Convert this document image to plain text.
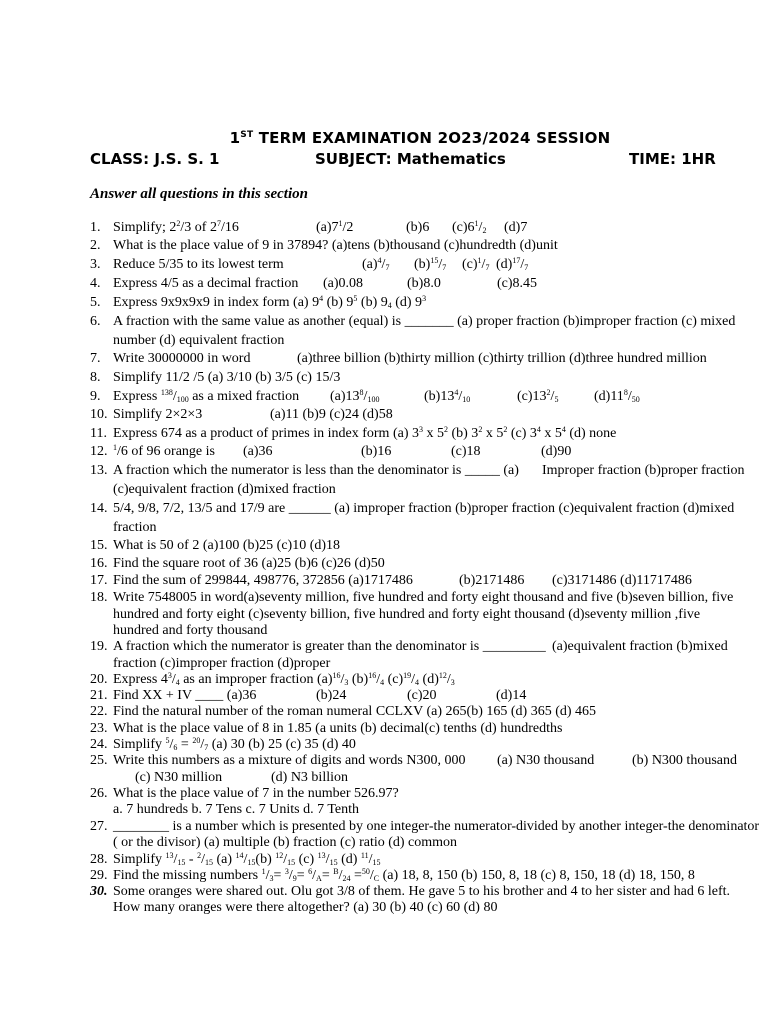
1ST TERM EXAMINATION 2O23/2024 SESSION
CLASS: J.S. S. 1	SUBJECT: Mathematics	TIME: 1HR
Answer all questions in this section
1. Simplify; $2^2/3$ of $2^7/16$	$(a)7^1/2$	(b)6 $(c)6^1/_2$ (d)7
2. What is the place value of 9 in 37894? (a)tens (b)thousand (c)hundredth (d)unit
3. Reduce 5/35 to its lowest term	$(a)^4/_7$ $(b)^{15}/_7$ $(c)^1/_7$ $(d)^{17}/_7$
4. Express 4/5 as a decimal fraction (a)0.08	(b)8.0	(c)8.45
5. Express 9x9x9x9 in index form (a) $9^4$ (b) $9^5$ (b) $9_4$ (d) $9^3$
6. A fraction with the same value as another (equal) is _______ (a) proper fraction (b)improper fraction (c) mixed
number (d) equivalent fraction
7. Write 30000000 in word	(a)three billion (b)thirty million (c)thirty trillion (d)three hundred million
8. Simplify 11/2 /5 (a) 3/10 (b) 3/5 (c) 15/3
9. Express $^{138}/_{100}$ as a mixed fraction $(a)13^8/_{100}$	$(b)13^4/_{10}$	$(c)13^2/_5$	$(d)11^8/_{50}$
10. Simplify 2×2×3	(a)11 (b)9 (c)24 (d)58
11. Express 674 as a product of primes in index form (a) $3^3$ x $5^2$ (b) $3^2$ x $5^2$ (c) $3^4$ x $5^4$ (d) none
12. $^1$/6 of 96 orange is (a)36	(b)16	(c)18	(d)90
13. A fraction which the numerator is less than the denominator is _____ (a) Improper fraction (b)proper fraction
(c)equivalent fraction (d)mixed fraction
14. 5/4, 9/8, 7/2, 13/5 and 17/9 are ______ (a) improper fraction (b)proper fraction (c)equivalent fraction (d)mixed
fraction
15. What is 50 of 2 (a)100 (b)25 (c)10 (d)18
16. Find the square root of 36 (a)25 (b)6 (c)26 (d)50
17. Find the sum of 299844, 498776, 372856 (a)1717486	(b)2171486 (c)3171486 (d)11717486
18. Write 7548005 in word(a)seventy million, five hundred and forty eight thousand and five (b)seven billion, five
hundred and forty eight (c)seventy billion, five hundred and forty eight thousand (d)seventy million ,five
hundred and forty thousand
19. A fraction which the numerator is greater than the denominator is _________ (a)equivalent fraction (b)mixed
fraction (c)improper fraction (d)proper
20. Express $4^3/_4$ as an improper fraction $(a)^{16}/_3$ $(b)^{16}/_4$ $(c)^{19}/_4$ $(d)^{12}/_3$
21. Find XX + IV ____ (a)36	(b)24	(c)20	(d)14
22. Find the natural number of the roman numeral CCLXV (a) 265(b) 165 (d) 365 (d) 465
23. What is the place value of 8 in 1.85 (a units (b) decimal(c) tenths (d) hundredths
24. Simplify $^5/_6 = ^{20}/_7$ (a) 30 (b) 25 (c) 35 (d) 40
25. Write this numbers as a mixture of digits and words N300, 000 (a) N30 thousand	(b) N300 thousand
(c) N30 million	(d) N3 billion
26. What is the place value of 7 in the number 526.97?
a. 7 hundreds b. 7 Tens c. 7 Units d. 7 Tenth
27. ________ is a number which is presented by one integer-the numerator-divided by another integer-the denominator
( or the divisor) (a) multiple (b) fraction (c) ratio (d) common
28. Simplify $^{13}/_{15} - ^2/_{15}$ (a) $^{14}/_{15}(b)$ $^{12}/_{15}$ (c) $^{13}/_{15}$ (d) $^{11}/_{15}$
29. Find the missing numbers $^1/_3= ^3/_9= ^6/_A= ^B/_{24} =^{50}/_C$ (a) 18, 8, 150 (b) 150, 8, 18 (c) 8, 150, 18 (d) 18, 150, 8
30. Some oranges were shared out. Olu got 3/8 of them. He gave 5 to his brother and 4 to her sister and had 6 left.
How many oranges were there altogether? (a) 30 (b) 40 (c) 60 (d) 80
